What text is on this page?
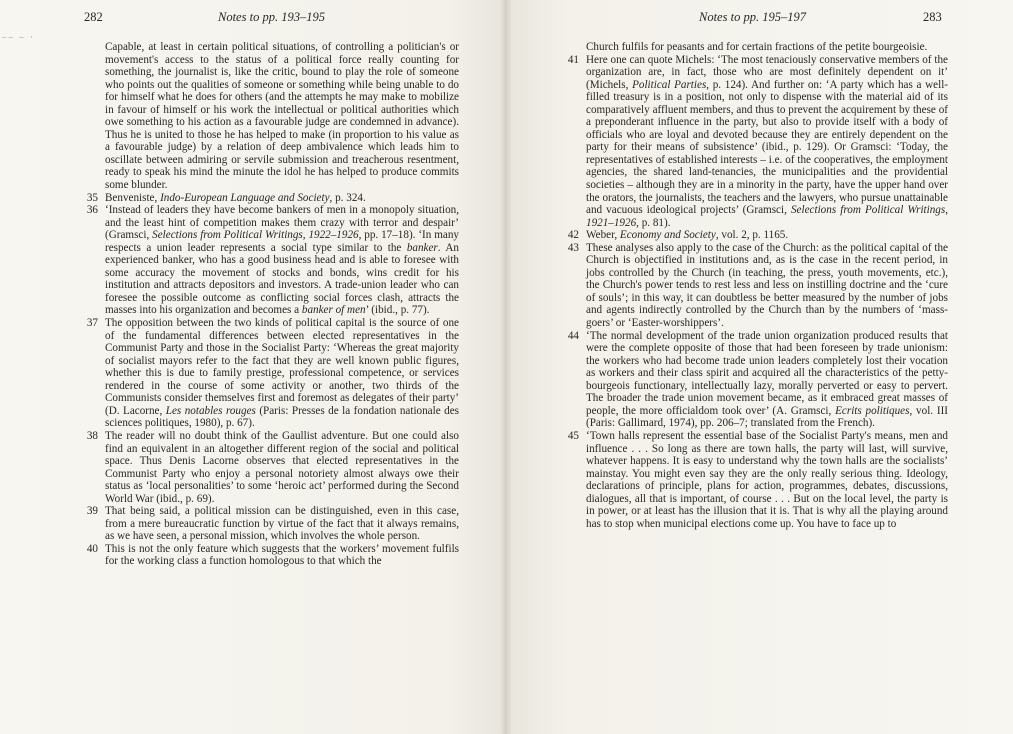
282	Notes to pp. 193–195
–– – ·

Capable, at least in certain political situations, of controlling a politician's or movement's access to the status of a political force really counting for something, the journalist is, like the critic, bound to play the role of someone who points out the qualities of someone or something while being unable to do for himself what he does for others (and the attempts he may make to mobilize in favour of himself or his work the intellectual or political authorities which owe something to his action as a favourable judge are condemned in advance). Thus he is united to those he has helped to make (in proportion to his value as a favourable judge) by a relation of deep ambivalence which leads him to oscillate between admiring or servile submission and treacherous resentment, ready to speak his mind the minute the idol he has helped to produce commits some blunder.

35 Benveniste, Indo-European Language and Society, p. 324.

36 ‘Instead of leaders they have become bankers of men in a monopoly situation, and the least hint of competition makes them crazy with terror and despair’ (Gramsci, Selections from Political Writings, 1922–1926, pp. 17–18). ‘In many respects a union leader represents a social type similar to the banker. An experienced banker, who has a good business head and is able to foresee with some accuracy the movement of stocks and bonds, wins credit for his institution and attracts depositors and investors. A trade-union leader who can foresee the possible outcome as conflicting social forces clash, attracts the masses into his organization and becomes a banker of men’ (ibid., p. 77).

37 The opposition between the two kinds of political capital is the source of one of the fundamental differences between elected representatives in the Communist Party and those in the Socialist Party: ‘Whereas the great majority of socialist mayors refer to the fact that they are well known public figures, whether this is due to family prestige, professional competence, or services rendered in the course of some activity or another, two thirds of the Communists consider themselves first and foremost as delegates of their party’ (D. Lacorne, Les notables rouges (Paris: Presses de la fondation nationale des sciences politiques, 1980), p. 67).

38 The reader will no doubt think of the Gaullist adventure. But one could also find an equivalent in an altogether different region of the social and political space. Thus Denis Lacorne observes that elected representatives in the Communist Party who enjoy a personal notoriety almost always owe their status as ‘local personalities’ to some ‘heroic act’ performed during the Second World War (ibid., p. 69).

39 That being said, a political mission can be distinguished, even in this case, from a mere bureaucratic function by virtue of the fact that it always remains, as we have seen, a personal mission, which involves the whole person.

40 This is not the only feature which suggests that the workers’ movement fulfils for the working class a function homologous to that which the

Notes to pp. 195–197	283

Church fulfils for peasants and for certain fractions of the petite bourgeoisie.

41 Here one can quote Michels: ‘The most tenaciously conservative members of the organization are, in fact, those who are most definitely dependent on it’ (Michels, Political Parties, p. 124). And further on: ‘A party which has a well-filled treasury is in a position, not only to dispense with the material aid of its comparatively affluent members, and thus to prevent the acquirement by these of a preponderant influence in the party, but also to provide itself with a body of officials who are loyal and devoted because they are entirely dependent on the party for their means of subsistence’ (ibid., p. 129). Or Gramsci: ‘Today, the representatives of established interests – i.e. of the cooperatives, the employment agencies, the shared land-tenancies, the municipalities and the providential societies – although they are in a minority in the party, have the upper hand over the orators, the journalists, the teachers and the lawyers, who pursue unattainable and vacuous ideological projects’ (Gramsci, Selections from Political Writings, 1921–1926, p. 81).

42 Weber, Economy and Society, vol. 2, p. 1165.

43 These analyses also apply to the case of the Church: as the political capital of the Church is objectified in institutions and, as is the case in the recent period, in jobs controlled by the Church (in teaching, the press, youth movements, etc.), the Church's power tends to rest less and less on instilling doctrine and the ‘cure of souls’; in this way, it can doubtless be better measured by the number of jobs and agents indirectly controlled by the Church than by the numbers of ‘mass-goers’ or ‘Easter-worshippers’.

44 ‘The normal development of the trade union organization produced results that were the complete opposite of those that had been foreseen by trade unionism: the workers who had become trade union leaders completely lost their vocation as workers and their class spirit and acquired all the characteristics of the petty-bourgeois functionary, intellectually lazy, morally perverted or easy to pervert. The broader the trade union movement became, as it embraced great masses of people, the more officialdom took over’ (A. Gramsci, Ecrits politiques, vol. III (Paris: Gallimard, 1974), pp. 206–7; translated from the French).

45 ‘Town halls represent the essential base of the Socialist Party's means, men and influence . . . So long as there are town halls, the party will last, will survive, whatever happens. It is easy to understand why the town halls are the socialists’ mainstay. You might even say they are the only really serious thing. Ideology, declarations of principle, plans for action, programmes, debates, discussions, dialogues, all that is important, of course . . . But on the local level, the party is in power, or at least has the illusion that it is. That is why all the playing around has to stop when municipal elections come up. You have to face up to
